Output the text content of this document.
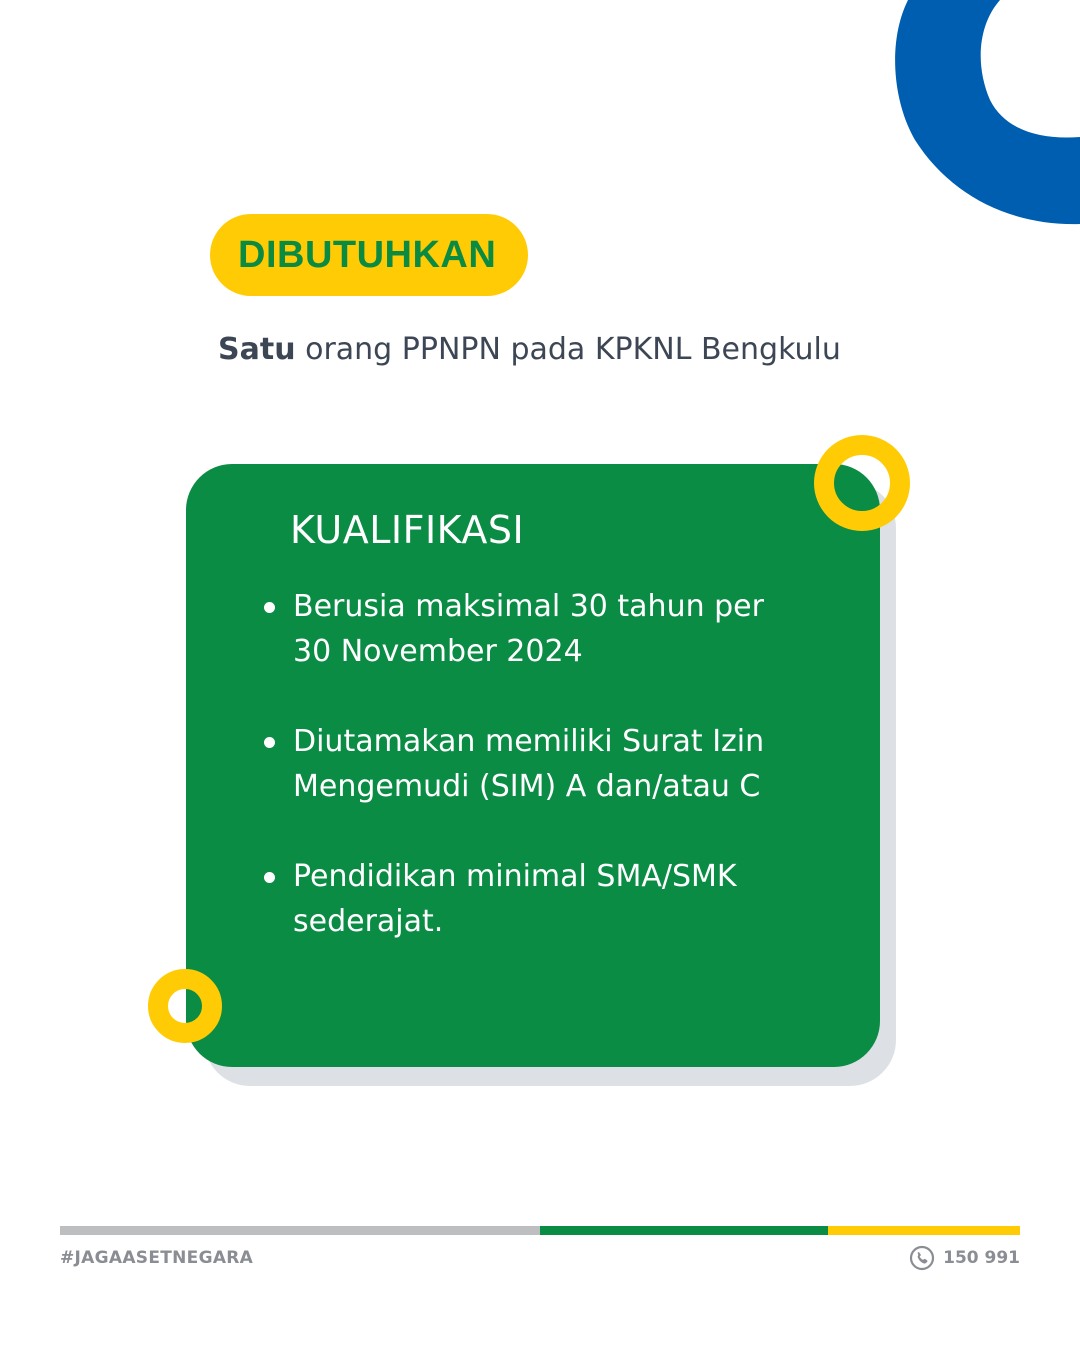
DIBUTUHKAN
Satu orang PPNPN pada KPKNL Bengkulu
KUALIFIKASI
Berusia maksimal 30 tahun per 30 November 2024
Diutamakan memiliki Surat Izin Mengemudi (SIM) A dan/atau C
Pendidikan minimal SMA/SMK sederajat.
#JAGAASETNEGARA	150 991
